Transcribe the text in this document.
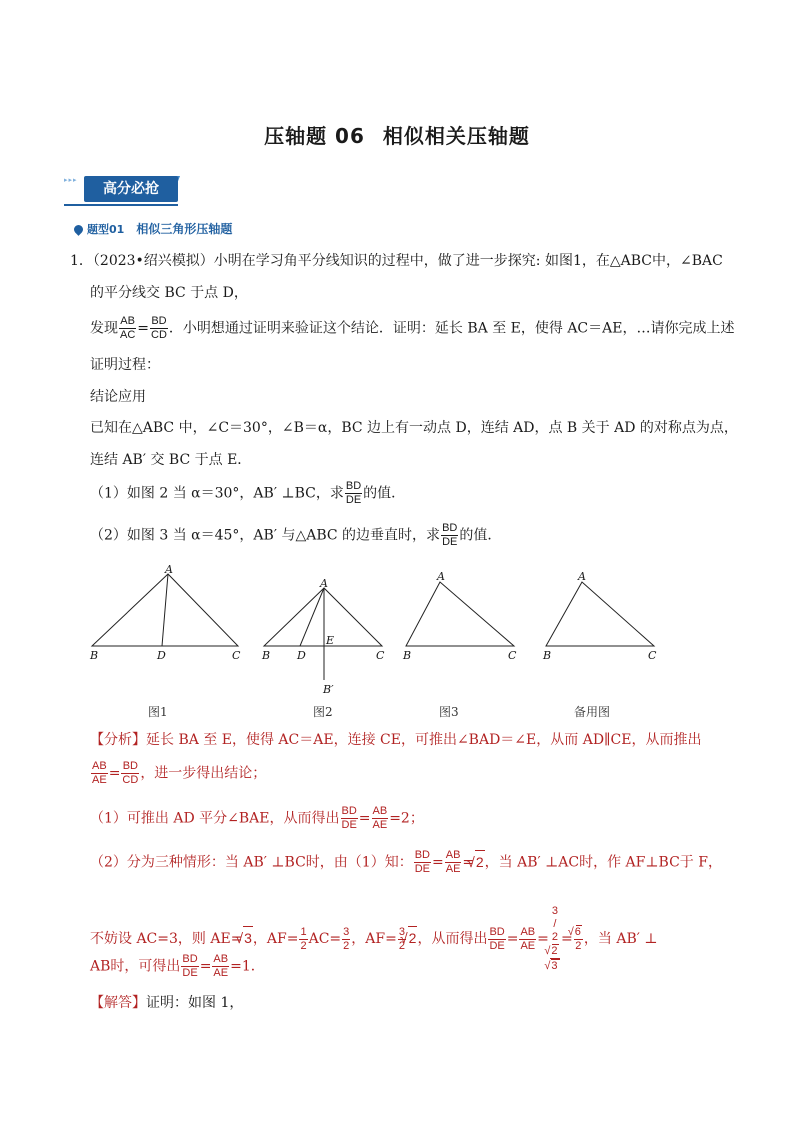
压轴题 06 相似相关压轴题
▸▸▸
高分必抢
题型01 相似三角形压轴题
1．（2023•绍兴模拟）小明在学习角平分线知识的过程中，做了进一步探究: 如图1，在△ABC中，∠BAC
的平分线交 BC 于点 D，
发现 $\frac{AB}{AC} = \frac{BD}{CD}$ ．小明想通过证明来验证这个结论．证明：延长 BA 至 E，使得 AC＝AE，…请你完成上述
证明过程：
结论应用
已知在△ABC 中，∠C＝30°，∠B＝α，BC 边上有一动点 D，连结 AD，点 B 关于 AD 的对称点为点，
连结 AB′ 交 BC 于点 E．
（1）如图 2 当 α＝30°，AB′ ⊥BC，求 $\frac{BD}{DE}$ 的值．
（2）如图 3 当 α＝45°，AB′ 与△ABC 的边垂直时，求 $\frac{BD}{DE}$ 的值．
A
B	D	C
A
B D
E
C
B′
A
B	C
A
B	C
图1	图2	图3	备用图
【分析】延长 BA 至 E，使得 AC＝AE，连接 CE，可推出∠BAD＝∠E，从而 AD∥CE，从而推出
$\frac{AB}{AE} = \frac{BD}{CD}$ ，进一步得出结论；
（1）可推出 AD 平分∠BAE，从而得出 $\frac{BD}{DE} = \frac{AB}{AE} =2$；
（2）分为三种情形：当 AB′ ⊥BC时，由（1）知： $\frac{BD}{DE} = \frac{AB}{AE}$ = √ 2，当 AB′ ⊥AC时，作 AF⊥BC于 F，
不妨设 AC=3，则 AE= √ 3，$AF= \frac{1}{2} AC= \frac{3}{2}$ ，$AF= \frac{3}{2}$ √ 2，从而得出 $\frac{BD}{DE} = \frac{AB}{AE} = 3$
/
2
√ 2
√ 3 = √ $\frac{6}{2}$ ，当 AB′ ⊥
AB时，可得出 $\frac{BD}{DE} = \frac{AB}{AE} =1$．
【解答】证明：如图 1，
